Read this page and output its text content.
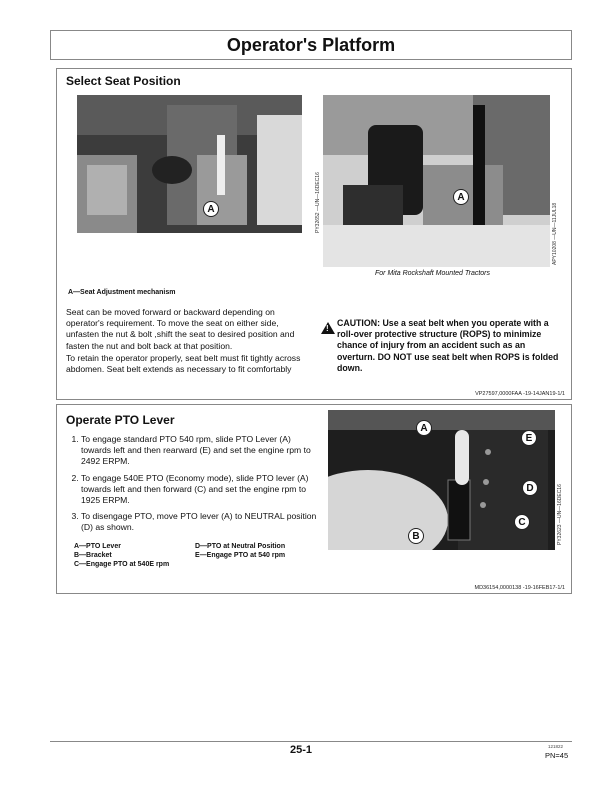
Operator's Platform
Select Seat Position
A	PY32652 —UN—16DEC16	A
APY10208 —UN—11JUL18
For Mita Rockshaft Mounted Tractors
A—Seat Adjustment mechanism
Seat can be moved forward or backward depending on operator's requirement. To move the seat on either side, unfasten the nut & bolt ,shift the seat to desired position and fasten the nut and bolt back at that position.
To retain the operator properly, seat belt must fit tightly across abdomen. Seat belt extends as necessary to fit comfortably
!
CAUTION: Use a seat belt when you operate with a roll-over protective structure (ROPS) to minimize chance of injury from an accident such as an overturn. DO NOT use seat belt when ROPS is folded down.
VP27597,0000FAA -19-14JAN19-1/1
Operate PTO Lever
1. To engage standard PTO 540 rpm, slide PTO Lever (A) towards left and then rearward (E) and set the engine rpm to 2492 ERPM.
2. To engage 540E PTO (Economy mode), slide PTO lever (A) towards left and then forward (C) and set the engine rpm to 1925 ERPM.
3. To disengage PTO, move PTO lever (A) to NEUTRAL position (D) as shown.
A—PTO Lever
B—Bracket
C—Engage PTO at 540E rpm
D—PTO at Neutral Position
E—Engage PTO at 540 rpm
A
E
D
C
B	PY32623 —UN—16DEC16
MD36154,0000138 -19-16FEB17-1/1
25-1	121822
PN=45
